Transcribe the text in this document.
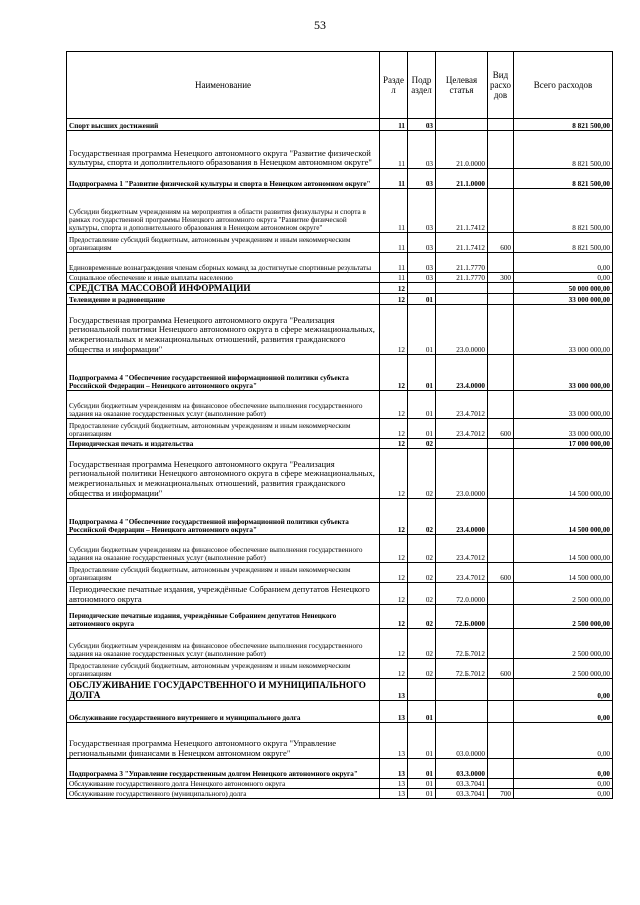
53
Наименование	Разде л	Подр аздел	Целевая статья	Вид расхо дов	Всего расходов
Спорт высших достижений	11	03			8 821 500,00
Государственная программа Ненецкого автономного округа "Развитие физической культуры, спорта и дополнительного образования в Ненецком автономном округе"	11	03	21.0.0000		8 821 500,00
Подпрограмма 1 "Развитие физической культуры и спорта в Ненецком автономном округе"	11	03	21.1.0000		8 821 500,00
Субсидии бюджетным учреждениям на мероприятия в области развития физкультуры и спорта в рамках государственной программы Ненецкого автономного округа "Развитие физической культуры, спорта и дополнительного образования в Ненецком автономном округе"	11	03	21.1.7412		8 821 500,00
Предоставление субсидий бюджетным, автономным учреждениям и иным некоммерческим организациям	11	03	21.1.7412	600	8 821 500,00
Единовременные вознаграждения членам сборных команд за достигнутые спортивные результаты	11	03	21.1.7770		0,00
Социальное обеспечение и иные выплаты населению	11	03	21.1.7770	300	0,00
СРЕДСТВА МАССОВОЙ ИНФОРМАЦИИ	12				50 000 000,00
Телевидение и радиовещание	12	01			33 000 000,00
Государственная программа Ненецкого автономного округа "Реализация региональной политики Ненецкого автономного округа в сфере межнациональных, межрегиональных и межнациональных отношений, развития гражданского общества и информации"	12	01	23.0.0000		33 000 000,00
Подпрограмма 4 "Обеспечение государственной информационной политики субъекта Российской Федерации – Ненецкого автономного округа"	12	01	23.4.0000		33 000 000,00
Субсидии бюджетным учреждениям на финансовое обеспечение выполнения государственного задания на оказание государственных услуг (выполнение работ)	12	01	23.4.7012		33 000 000,00
Предоставление субсидий бюджетным, автономным учреждениям и иным некоммерческим организациям	12	01	23.4.7012	600	33 000 000,00
Периодическая печать и издательства	12	02			17 000 000,00
Государственная программа Ненецкого автономного округа "Реализация региональной политики Ненецкого автономного округа в сфере межнациональных, межрегиональных и межнациональных отношений, развития гражданского общества и информации"	12	02	23.0.0000		14 500 000,00
Подпрограмма 4 "Обеспечение государственной информационной политики субъекта Российской Федерации – Ненецкого автономного округа"	12	02	23.4.0000		14 500 000,00
Субсидии бюджетным учреждениям на финансовое обеспечение выполнения государственного задания на оказание государственных услуг (выполнение работ)	12	02	23.4.7012		14 500 000,00
Предоставление субсидий бюджетным, автономным учреждениям и иным некоммерческим организациям	12	02	23.4.7012	600	14 500 000,00
Периодические печатные издания, учреждённые Собранием депутатов Ненецкого автономного округа	12	02	72.0.0000		2 500 000,00
Периодические печатные издания, учреждённые Собранием депутатов Ненецкого автономного округа	12	02	72.Б.0000		2 500 000,00
Субсидии бюджетным учреждениям на финансовое обеспечение выполнения государственного задания на оказание государственных услуг (выполнение работ)	12	02	72.Б.7012		2 500 000,00
Предоставление субсидий бюджетным, автономным учреждениям и иным некоммерческим организациям	12	02	72.Б.7012	600	2 500 000,00
ОБСЛУЖИВАНИЕ ГОСУДАРСТВЕННОГО И МУНИЦИПАЛЬНОГО ДОЛГА	13				0,00
Обслуживание государственного внутреннего и муниципального долга	13	01			0,00
Государственная программа Ненецкого автономного округа "Управление региональными финансами в Ненецком автономном округе"	13	01	03.0.0000		0,00
Подпрограмма 3 "Управление государственным долгом Ненецкого автономного округа"	13	01	03.3.0000		0,00
Обслуживание государственного долга Ненецкого автономного округа	13	01	03.3.7041		0,00
Обслуживание государственного (муниципального) долга	13	01	03.3.7041	700	0,00
